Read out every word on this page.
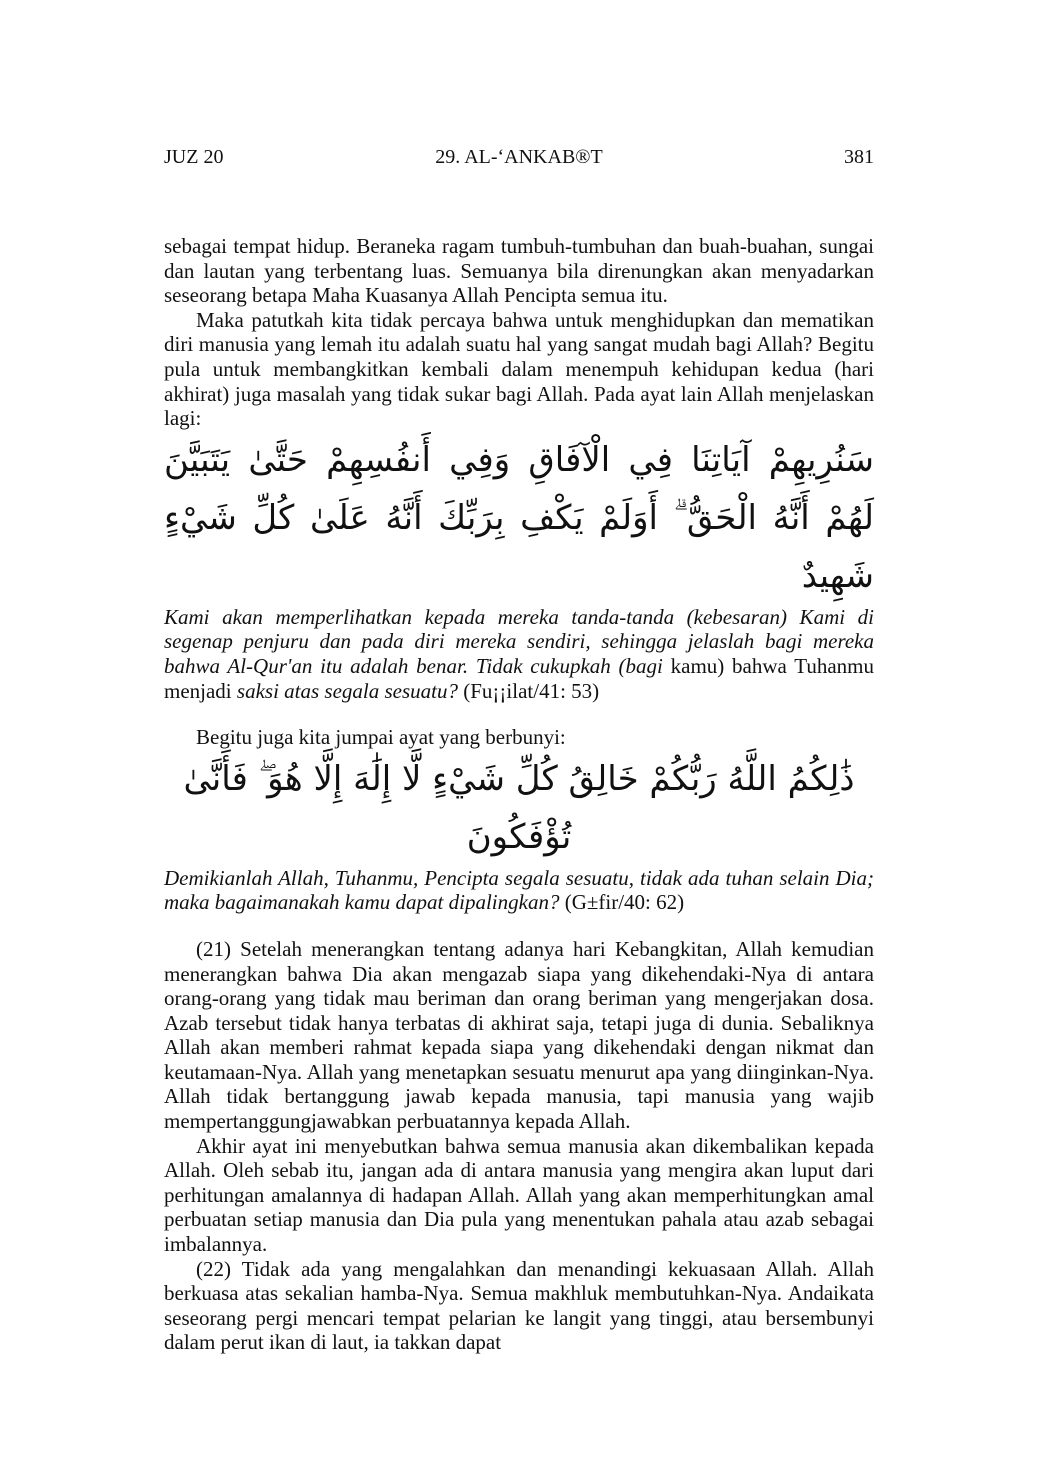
JUZ 20	29. AL-‘ANKAB®T	381

sebagai tempat hidup. Beraneka ragam tumbuh-tumbuhan dan buah-buahan, sungai dan lautan yang terbentang luas. Semuanya bila direnungkan akan menyadarkan seseorang betapa Maha Kuasanya Allah Pencipta semua itu.

Maka patutkah kita tidak percaya bahwa untuk menghidupkan dan mematikan diri manusia yang lemah itu adalah suatu hal yang sangat mudah bagi Allah? Begitu pula untuk membangkitkan kembali dalam menempuh kehidupan kedua (hari akhirat) juga masalah yang tidak sukar bagi Allah. Pada ayat lain Allah menjelaskan lagi:

سَنُرِيهِمْ آيَاتِنَا فِي الْآفَاقِ وَفِي أَنفُسِهِمْ حَتَّىٰ يَتَبَيَّنَ لَهُمْ أَنَّهُ الْحَقُّ ۗ أَوَلَمْ يَكْفِ بِرَبِّكَ أَنَّهُ عَلَىٰ كُلِّ شَيْءٍ شَهِيدٌ

Kami akan memperlihatkan kepada mereka tanda-tanda (kebesaran) Kami di segenap penjuru dan pada diri mereka sendiri, sehingga jelaslah bagi mereka bahwa Al-Qur'an itu adalah benar. Tidak cukupkah (bagi kamu) bahwa Tuhanmu menjadi saksi atas segala sesuatu? (Fu¡¡ilat/41: 53)

Begitu juga kita jumpai ayat yang berbunyi:

ذَٰلِكُمُ اللَّهُ رَبُّكُمْ خَالِقُ كُلِّ شَيْءٍ لَّا إِلَٰهَ إِلَّا هُوَ ۖ فَأَنَّىٰ تُؤْفَكُونَ

Demikianlah Allah, Tuhanmu, Pencipta segala sesuatu, tidak ada tuhan selain Dia; maka bagaimanakah kamu dapat dipalingkan? (G±fir/40: 62)

(21) Setelah menerangkan tentang adanya hari Kebangkitan, Allah kemudian menerangkan bahwa Dia akan mengazab siapa yang dikehendaki-Nya di antara orang-orang yang tidak mau beriman dan orang beriman yang mengerjakan dosa. Azab tersebut tidak hanya terbatas di akhirat saja, tetapi juga di dunia. Sebaliknya Allah akan memberi rahmat kepada siapa yang dikehendaki dengan nikmat dan keutamaan-Nya. Allah yang menetapkan sesuatu menurut apa yang diinginkan-Nya. Allah tidak bertanggung jawab kepada manusia, tapi manusia yang wajib mempertanggungjawabkan perbuatannya kepada Allah.

Akhir ayat ini menyebutkan bahwa semua manusia akan dikembalikan kepada Allah. Oleh sebab itu, jangan ada di antara manusia yang mengira akan luput dari perhitungan amalannya di hadapan Allah. Allah yang akan memperhitungkan amal perbuatan setiap manusia dan Dia pula yang menentukan pahala atau azab sebagai imbalannya.

(22) Tidak ada yang mengalahkan dan menandingi kekuasaan Allah. Allah berkuasa atas sekalian hamba-Nya. Semua makhluk membutuhkan-Nya. Andaikata seseorang pergi mencari tempat pelarian ke langit yang tinggi, atau bersembunyi dalam perut ikan di laut, ia takkan dapat
